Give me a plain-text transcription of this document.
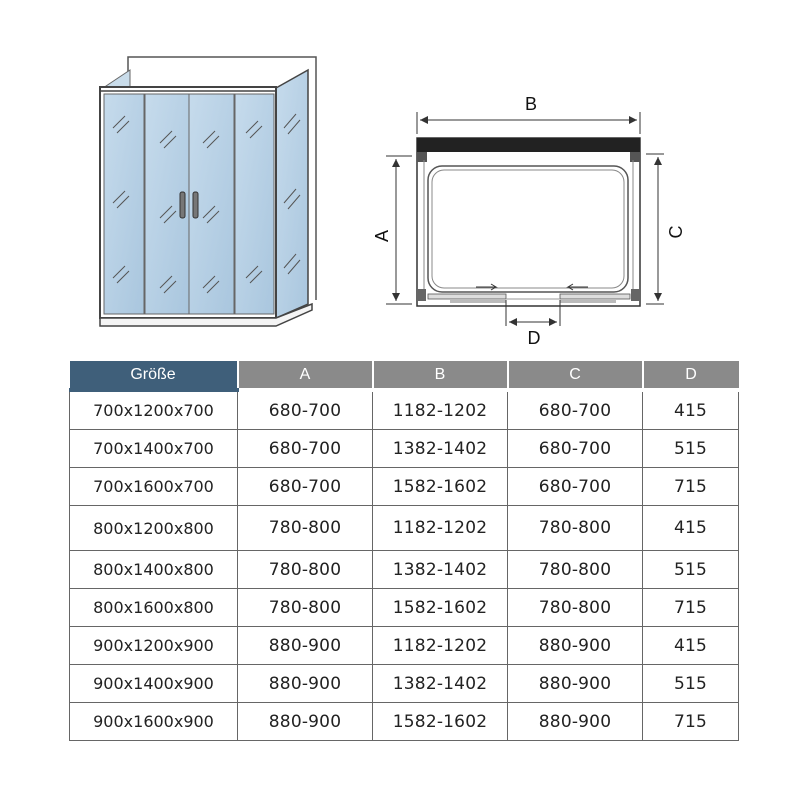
B
A	C
D
Größe	A	B	C	D
700x1200x700	680-700	1182-1202	680-700	415
700x1400x700	680-700	1382-1402	680-700	515
700x1600x700	680-700	1582-1602	680-700	715
800x1200x800	780-800	1182-1202	780-800	415
800x1400x800	780-800	1382-1402	780-800	515
800x1600x800	780-800	1582-1602	780-800	715
900x1200x900	880-900	1182-1202	880-900	415
900x1400x900	880-900	1382-1402	880-900	515
900x1600x900	880-900	1582-1602	880-900	715
